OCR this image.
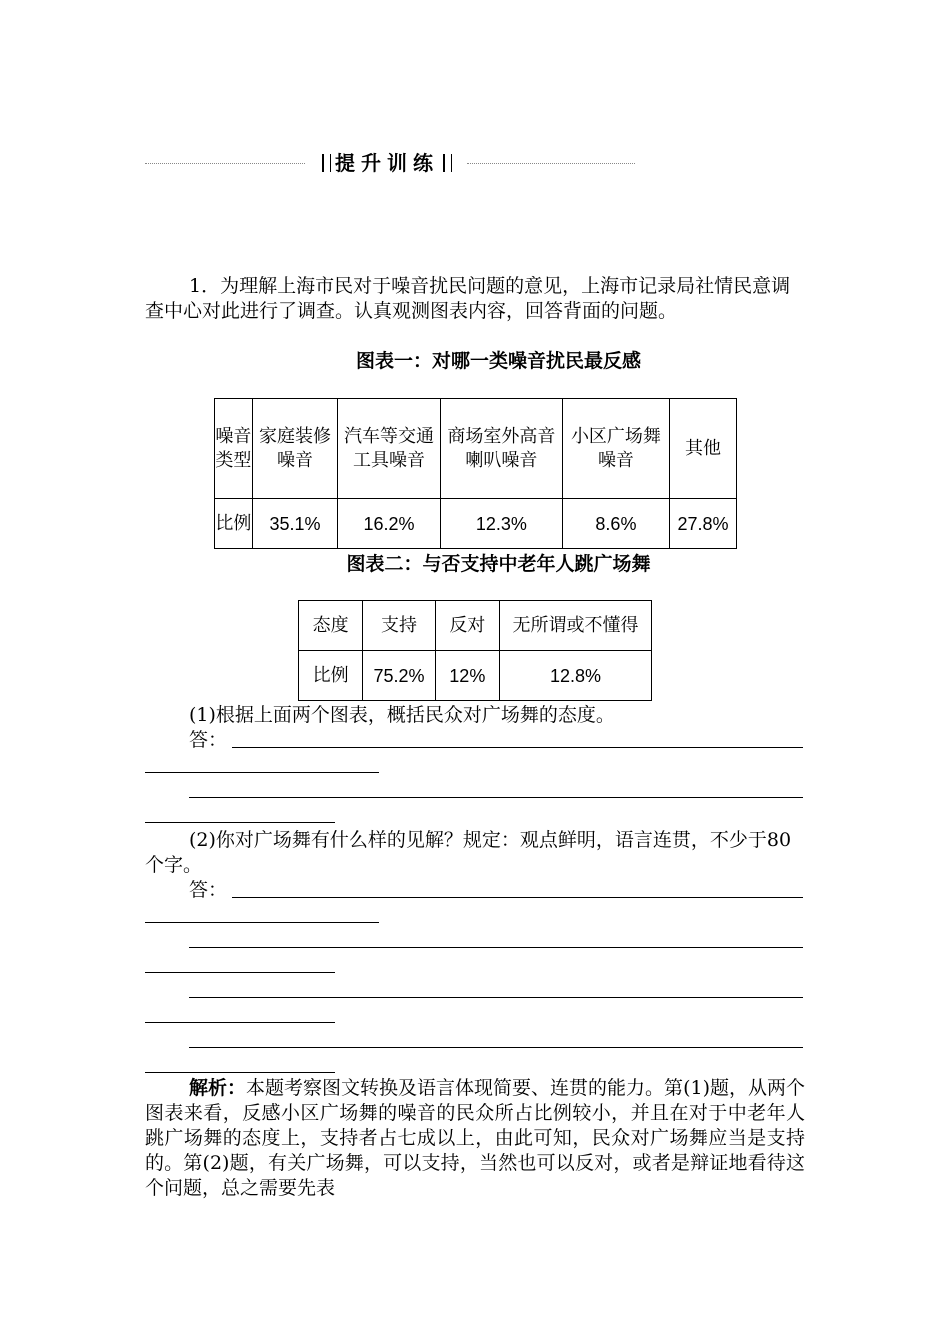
提升训练
1．为理解上海市民对于噪音扰民问题的意见，上海市记录局社情民意调查中心对此进行了调查。认真观测图表内容，回答背面的问题。
图表一：对哪一类噪音扰民最反感
噪音类型	家庭装修噪音	汽车等交通工具噪音	商场室外高音喇叭噪音	小区广场舞噪音	其他
比例	35.1%	16.2%	12.3%	8.6%	27.8%
图表二：与否支持中老年人跳广场舞
态度	支持	反对	无所谓或不懂得
比例	75.2%	12%	12.8%
(1)根据上面两个图表，概括民众对广场舞的态度。
答：
(2)你对广场舞有什么样的见解？规定：观点鲜明，语言连贯，不少于80个字。
答：
解析：本题考察图文转换及语言体现简要、连贯的能力。第(1)题，从两个图表来看，反感小区广场舞的噪音的民众所占比例较小，并且在对于中老年人跳广场舞的态度上，支持者占七成以上，由此可知，民众对广场舞应当是支持的。第(2)题，有关广场舞，可以支持，当然也可以反对，或者是辩证地看待这个问题，总之需要先表
